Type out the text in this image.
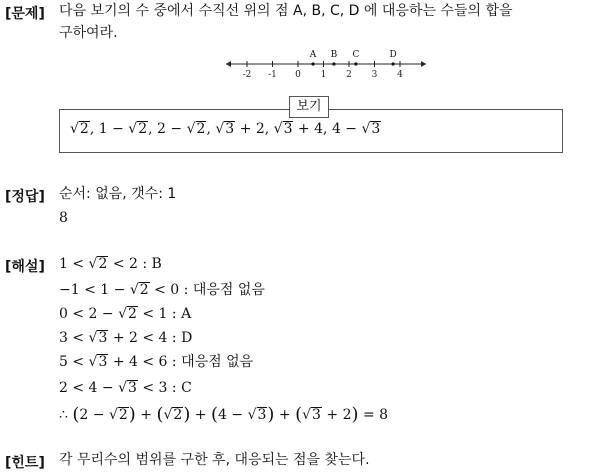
[문제] 다음 보기의 수 중에서 수직선 위의 점 A, B, C, D 에 대응하는 수들의 합을
구하여라.
-2 -1 0 1 2 3 4
A B C	D
보기
√2, 1 − √2, 2 − √2, √3 + 2, √3 + 4, 4 − √3
[정답] 순서: 없음, 갯수: 1
8
[해설] 1 < √2 < 2 : B
−1 < 1 − √2 < 0 : 대응점 없음
0 < 2 − √2 < 1 : A
3 < √3 + 2 < 4 : D
5 < √3 + 4 < 6 : 대응점 없음
2 < 4 − √3 < 3 : C
∴ (2 − √2) + (√2) + (4 − √3) + (√3 + 2) = 8
[힌트] 각 무리수의 범위를 구한 후, 대응되는 점을 찾는다.
